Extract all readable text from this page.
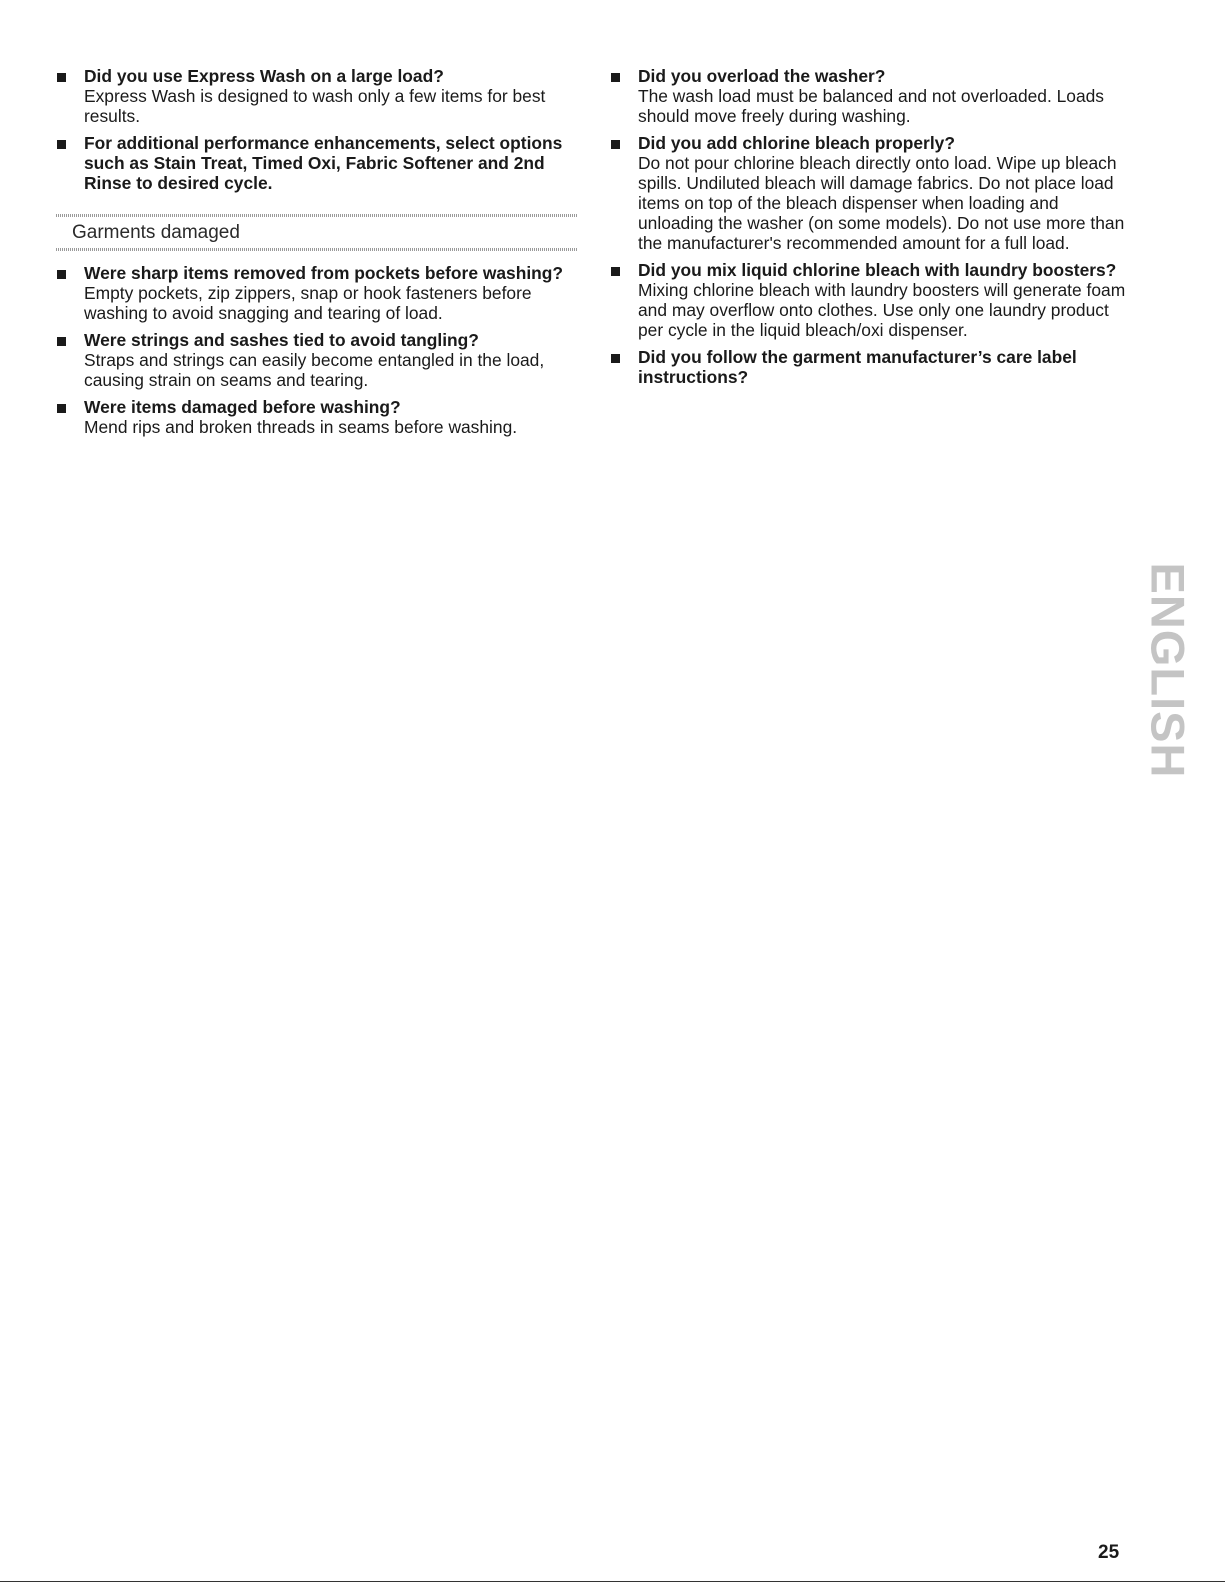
Did you use Express Wash on a large load?
Express Wash is designed to wash only a few items for best results.
For additional performance enhancements, select options such as Stain Treat, Timed Oxi, Fabric Softener and 2nd Rinse to desired cycle.
Garments damaged
Were sharp items removed from pockets before washing?
Empty pockets, zip zippers, snap or hook fasteners before washing to avoid snagging and tearing of load.
Were strings and sashes tied to avoid tangling?
Straps and strings can easily become entangled in the load, causing strain on seams and tearing.
Were items damaged before washing?
Mend rips and broken threads in seams before washing.
Did you overload the washer?
The wash load must be balanced and not overloaded. Loads should move freely during washing.
Did you add chlorine bleach properly?
Do not pour chlorine bleach directly onto load. Wipe up bleach spills. Undiluted bleach will damage fabrics. Do not place load items on top of the bleach dispenser when loading and unloading the washer (on some models). Do not use more than the manufacturer's recommended amount for a full load.
Did you mix liquid chlorine bleach with laundry boosters?
Mixing chlorine bleach with laundry boosters will generate foam and may overflow onto clothes. Use only one laundry product per cycle in the liquid bleach/oxi dispenser.
Did you follow the garment manufacturer’s care label instructions?
ENGLISH
25
